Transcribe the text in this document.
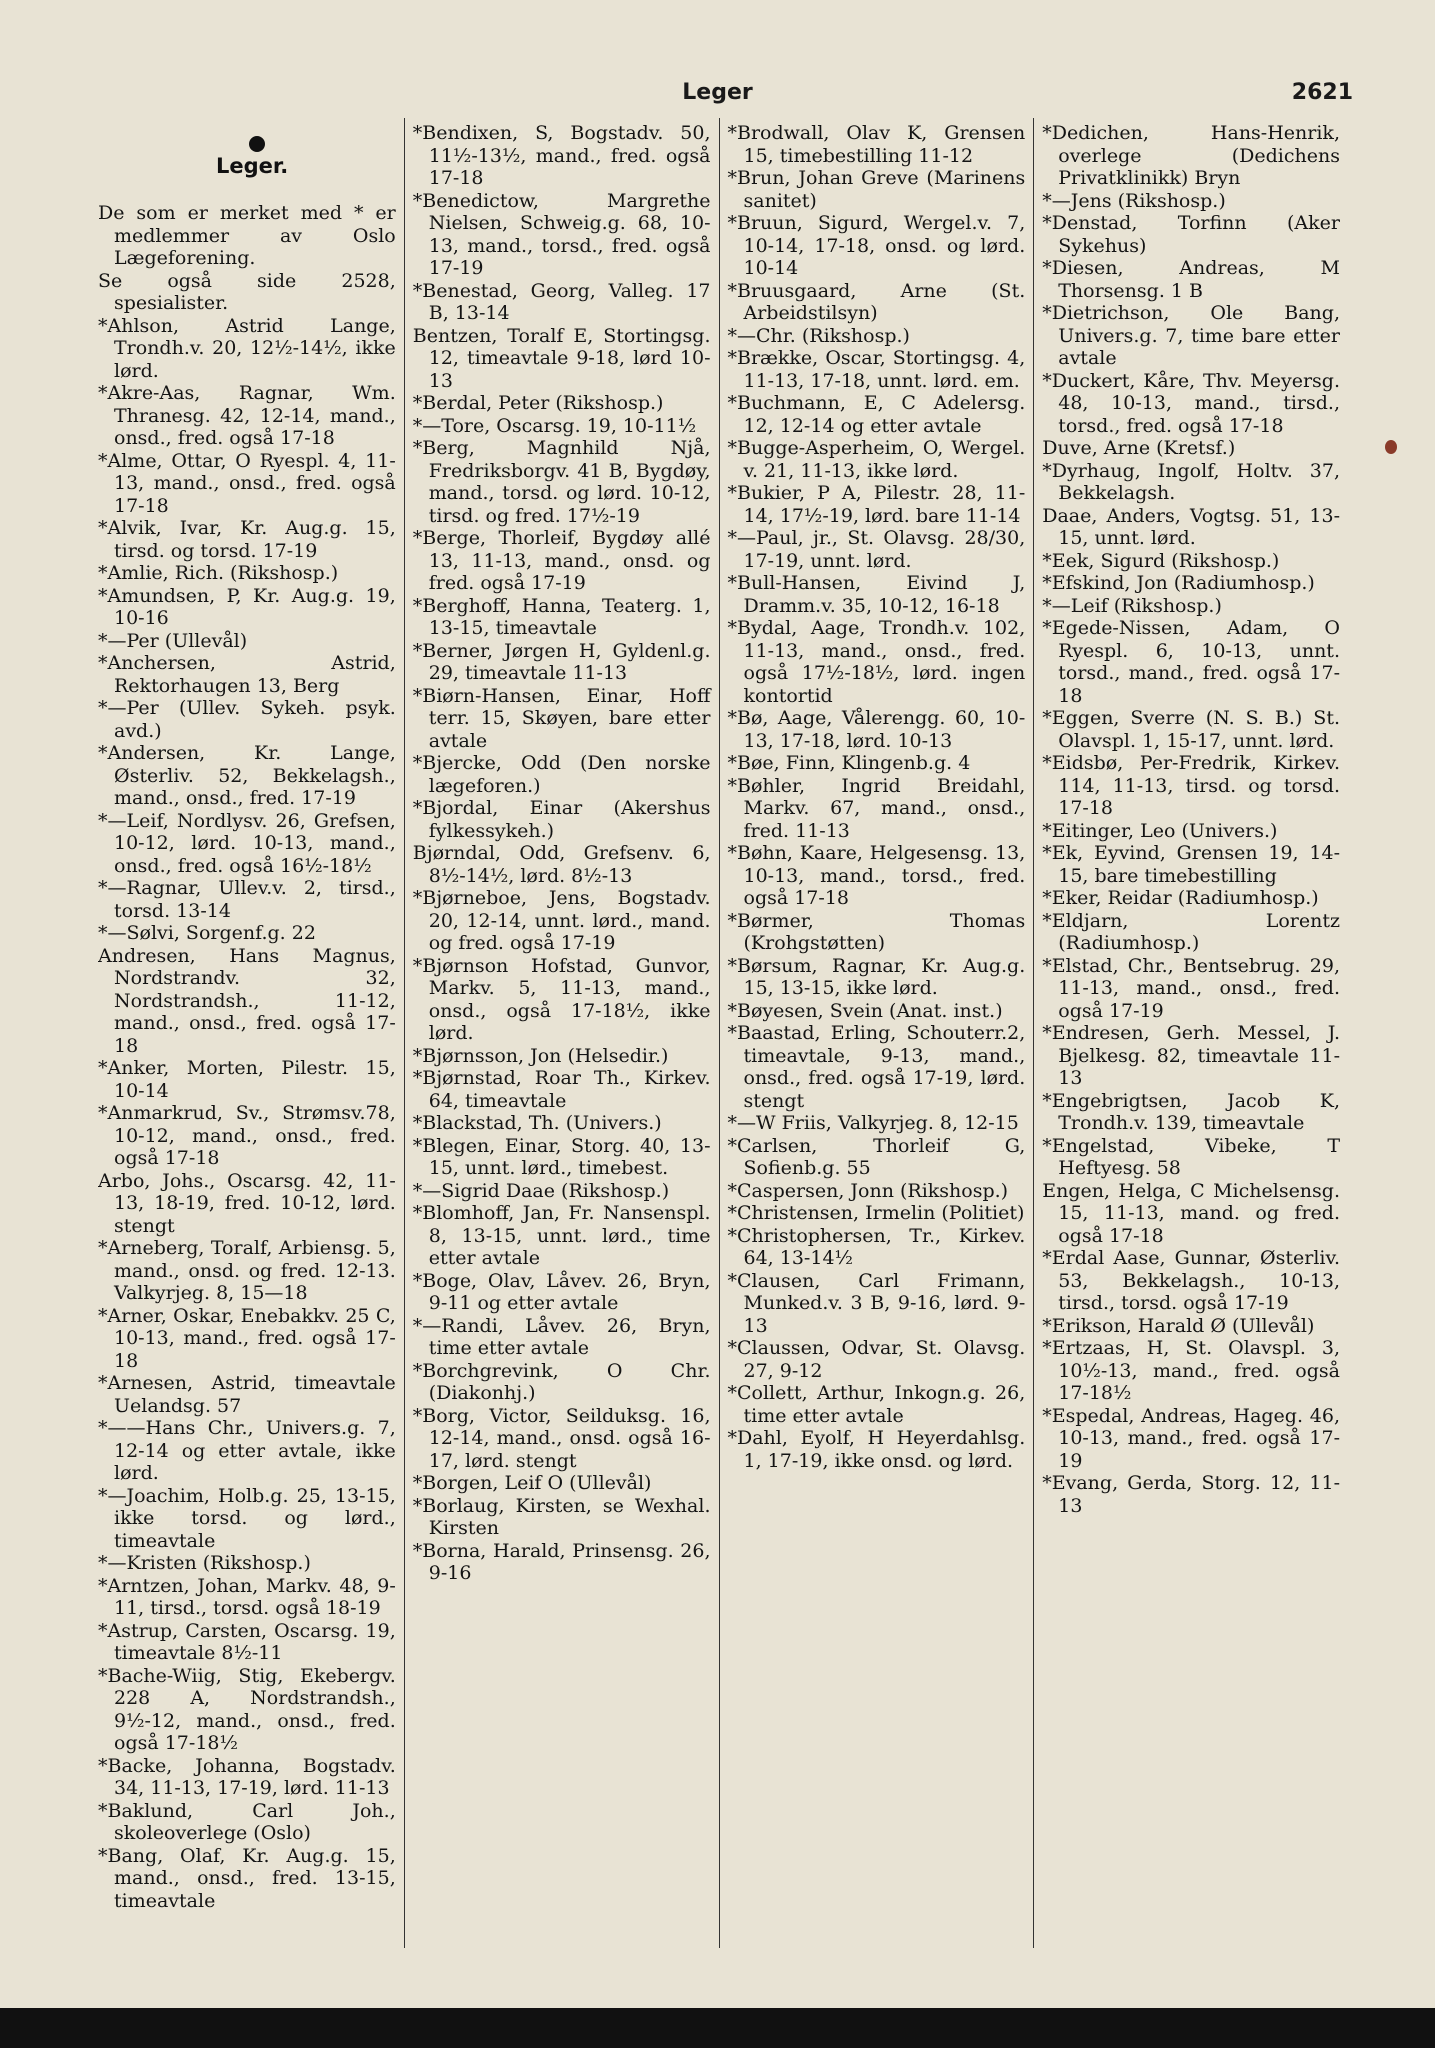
Leger	2621
Leger.

De som er merket med * er medlemmer av Oslo Lægeforening.

Se også side 2528, spesialister.

*Ahlson, Astrid Lange, Trondh.v. 20, 12½-14½, ikke lørd.

*Akre-Aas, Ragnar, Wm. Thranesg. 42, 12-14, mand., onsd., fred. også 17-18

*Alme, Ottar, O Ryespl. 4, 11-13, mand., onsd., fred. også 17-18

*Alvik, Ivar, Kr. Aug.g. 15, tirsd. og torsd. 17-19

*Amlie, Rich. (Rikshosp.)

*Amundsen, P, Kr. Aug.g. 19, 10-16

*—Per (Ullevål)

*Anchersen, Astrid, Rektorhaugen 13, Berg

*—Per (Ullev. Sykeh. psyk. avd.)

*Andersen, Kr. Lange, Østerliv. 52, Bekkelagsh., mand., onsd., fred. 17-19

*—Leif, Nordlysv. 26, Grefsen, 10-12, lørd. 10-13, mand., onsd., fred. også 16½-18½

*—Ragnar, Ullev.v. 2, tirsd., torsd. 13-14

*—Sølvi, Sorgenf.g. 22

Andresen, Hans Magnus, Nordstrandv. 32, Nordstrandsh., 11-12, mand., onsd., fred. også 17-18

*Anker, Morten, Pilestr. 15, 10-14

*Anmarkrud, Sv., Strømsv.78, 10-12, mand., onsd., fred. også 17-18

Arbo, Johs., Oscarsg. 42, 11-13, 18-19, fred. 10-12, lørd. stengt

*Arneberg, Toralf, Arbiensg. 5, mand., onsd. og fred. 12-13. Valkyrjeg. 8, 15—18

*Arner, Oskar, Enebakkv. 25 C, 10-13, mand., fred. også 17-18

*Arnesen, Astrid, timeavtale Uelandsg. 57

*——Hans Chr., Univers.g. 7, 12-14 og etter avtale, ikke lørd.

*—Joachim, Holb.g. 25, 13-15, ikke torsd. og lørd., timeavtale

*—Kristen (Rikshosp.)

*Arntzen, Johan, Markv. 48, 9-11, tirsd., torsd. også 18-19

*Astrup, Carsten, Oscarsg. 19, timeavtale 8½-11

*Bache-Wiig, Stig, Ekebergv. 228 A, Nordstrandsh., 9½-12, mand., onsd., fred. også 17-18½

*Backe, Johanna, Bogstadv. 34, 11-13, 17-19, lørd. 11-13

*Baklund, Carl Joh., skoleoverlege (Oslo)

*Bang, Olaf, Kr. Aug.g. 15, mand., onsd., fred. 13-15, timeavtale

*Bendixen, S, Bogstadv. 50, 11½-13½, mand., fred. også 17-18

*Benedictow, Margrethe Nielsen, Schweig.g. 68, 10-13, mand., torsd., fred. også 17-19

*Benestad, Georg, Valleg. 17 B, 13-14

Bentzen, Toralf E, Stortingsg. 12, timeavtale 9-18, lørd 10-13

*Berdal, Peter (Rikshosp.)

*—Tore, Oscarsg. 19, 10-11½

*Berg, Magnhild Njå, Fredriksborgv. 41 B, Bygdøy, mand., torsd. og lørd. 10-12, tirsd. og fred. 17½-19

*Berge, Thorleif, Bygdøy allé 13, 11-13, mand., onsd. og fred. også 17-19

*Berghoff, Hanna, Teaterg. 1, 13-15, timeavtale

*Berner, Jørgen H, Gyldenl.g. 29, timeavtale 11-13

*Biørn-Hansen, Einar, Hoff terr. 15, Skøyen, bare etter avtale

*Bjercke, Odd (Den norske lægeforen.)

*Bjordal, Einar (Akershus fylkessykeh.)

Bjørndal, Odd, Grefsenv. 6, 8½-14½, lørd. 8½-13

*Bjørneboe, Jens, Bogstadv. 20, 12-14, unnt. lørd., mand. og fred. også 17-19

*Bjørnson Hofstad, Gunvor, Markv. 5, 11-13, mand., onsd., også 17-18½, ikke lørd.

*Bjørnsson, Jon (Helsedir.)

*Bjørnstad, Roar Th., Kirkev. 64, timeavtale

*Blackstad, Th. (Univers.)

*Blegen, Einar, Storg. 40, 13-15, unnt. lørd., timebest.

*—Sigrid Daae (Rikshosp.)

*Blomhoff, Jan, Fr. Nansenspl. 8, 13-15, unnt. lørd., time etter avtale

*Boge, Olav, Låvev. 26, Bryn, 9-11 og etter avtale

*—Randi, Låvev. 26, Bryn, time etter avtale

*Borchgrevink, O Chr. (Diakonhj.)

*Borg, Victor, Seilduksg. 16, 12-14, mand., onsd. også 16-17, lørd. stengt

*Borgen, Leif O (Ullevål)

*Borlaug, Kirsten, se Wexhal. Kirsten

*Borna, Harald, Prinsensg. 26, 9-16

*Brodwall, Olav K, Grensen 15, timebestilling 11-12

*Brun, Johan Greve (Marinens sanitet)

*Bruun, Sigurd, Wergel.v. 7, 10-14, 17-18, onsd. og lørd. 10-14

*Bruusgaard, Arne (St. Arbeidstilsyn)

*—Chr. (Rikshosp.)

*Brække, Oscar, Stortingsg. 4, 11-13, 17-18, unnt. lørd. em.

*Buchmann, E, C Adelersg. 12, 12-14 og etter avtale

*Bugge-Asperheim, O, Wergel. v. 21, 11-13, ikke lørd.

*Bukier, P A, Pilestr. 28, 11-14, 17½-19, lørd. bare 11-14

*—Paul, jr., St. Olavsg. 28/30, 17-19, unnt. lørd.

*Bull-Hansen, Eivind J, Dramm.v. 35, 10-12, 16-18

*Bydal, Aage, Trondh.v. 102, 11-13, mand., onsd., fred. også 17½-18½, lørd. ingen kontortid

*Bø, Aage, Vålerengg. 60, 10-13, 17-18, lørd. 10-13

*Bøe, Finn, Klingenb.g. 4

*Bøhler, Ingrid Breidahl, Markv. 67, mand., onsd., fred. 11-13

*Bøhn, Kaare, Helgesensg. 13, 10-13, mand., torsd., fred. også 17-18

*Børmer, Thomas (Krohgstøtten)

*Børsum, Ragnar, Kr. Aug.g. 15, 13-15, ikke lørd.

*Bøyesen, Svein (Anat. inst.)

*Baastad, Erling, Schouterr.2, timeavtale, 9-13, mand., onsd., fred. også 17-19, lørd. stengt

*—W Friis, Valkyrjeg. 8, 12-15

*Carlsen, Thorleif G, Sofienb.g. 55

*Caspersen, Jonn (Rikshosp.)

*Christensen, Irmelin (Politiet)

*Christophersen, Tr., Kirkev. 64, 13-14½

*Clausen, Carl Frimann, Munked.v. 3 B, 9-16, lørd. 9-13

*Claussen, Odvar, St. Olavsg. 27, 9-12

*Collett, Arthur, Inkogn.g. 26, time etter avtale

*Dahl, Eyolf, H Heyerdahlsg. 1, 17-19, ikke onsd. og lørd.

*Dedichen, Hans-Henrik, overlege (Dedichens Privatklinikk) Bryn

*—Jens (Rikshosp.)

*Denstad, Torfinn (Aker Sykehus)

*Diesen, Andreas, M Thorsensg. 1 B

*Dietrichson, Ole Bang, Univers.g. 7, time bare etter avtale

*Duckert, Kåre, Thv. Meyersg. 48, 10-13, mand., tirsd., torsd., fred. også 17-18

Duve, Arne (Kretsf.)

*Dyrhaug, Ingolf, Holtv. 37, Bekkelagsh.

Daae, Anders, Vogtsg. 51, 13-15, unnt. lørd.

*Eek, Sigurd (Rikshosp.)

*Efskind, Jon (Radiumhosp.)

*—Leif (Rikshosp.)

*Egede-Nissen, Adam, O Ryespl. 6, 10-13, unnt. torsd., mand., fred. også 17-18

*Eggen, Sverre (N. S. B.) St. Olavspl. 1, 15-17, unnt. lørd.

*Eidsbø, Per-Fredrik, Kirkev. 114, 11-13, tirsd. og torsd. 17-18

*Eitinger, Leo (Univers.)

*Ek, Eyvind, Grensen 19, 14-15, bare timebestilling

*Eker, Reidar (Radiumhosp.)

*Eldjarn, Lorentz (Radiumhosp.)

*Elstad, Chr., Bentsebrug. 29, 11-13, mand., onsd., fred. også 17-19

*Endresen, Gerh. Messel, J. Bjelkesg. 82, timeavtale 11-13

*Engebrigtsen, Jacob K, Trondh.v. 139, timeavtale

*Engelstad, Vibeke, T Heftyesg. 58

Engen, Helga, C Michelsensg. 15, 11-13, mand. og fred. også 17-18

*Erdal Aase, Gunnar, Østerliv. 53, Bekkelagsh., 10-13, tirsd., torsd. også 17-19

*Erikson, Harald Ø (Ullevål)

*Ertzaas, H, St. Olavspl. 3, 10½-13, mand., fred. også 17-18½

*Espedal, Andreas, Hageg. 46, 10-13, mand., fred. også 17-19

*Evang, Gerda, Storg. 12, 11-13
